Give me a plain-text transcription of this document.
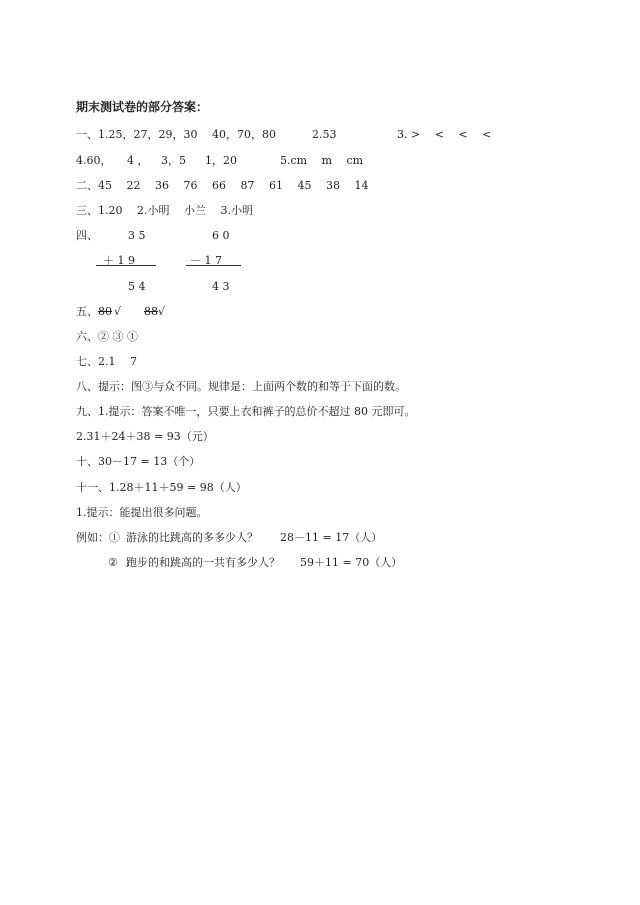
期末测试卷的部分答案：
一、1.25，27，29，30 40，70，80	2.53	3. >　 <　 <　 <
4.60， 4 ， 3，5 1，20	5.cm　 m　 cm
二、45　 22　 36　 76　 66　 87　 61　 45　 38　 14
三、1.20　 2.小明　 小兰　 3.小明
四、	3 5	6 0
＋ 1 9	－ 1 7
5 4	4 3
五、 80 √ 88 √
六、② ③ ①
七、2.1　 7
八、提示：图③与众不同。规律是：上面两个数的和等于下面的数。
九、1.提示：答案不唯一，只要上衣和裤子的总价不超过 80 元即可。
2.31＋24＋38 = 93（元）
十、30－17 = 13（个）
十一、1.28＋11＋59 = 98（人）
1.提示：能提出很多问题。
例如：① 游泳的比跳高的多多少人？ 28－11 = 17（人）
② 跑步的和跳高的一共有多少人？ 59＋11 = 70（人）
